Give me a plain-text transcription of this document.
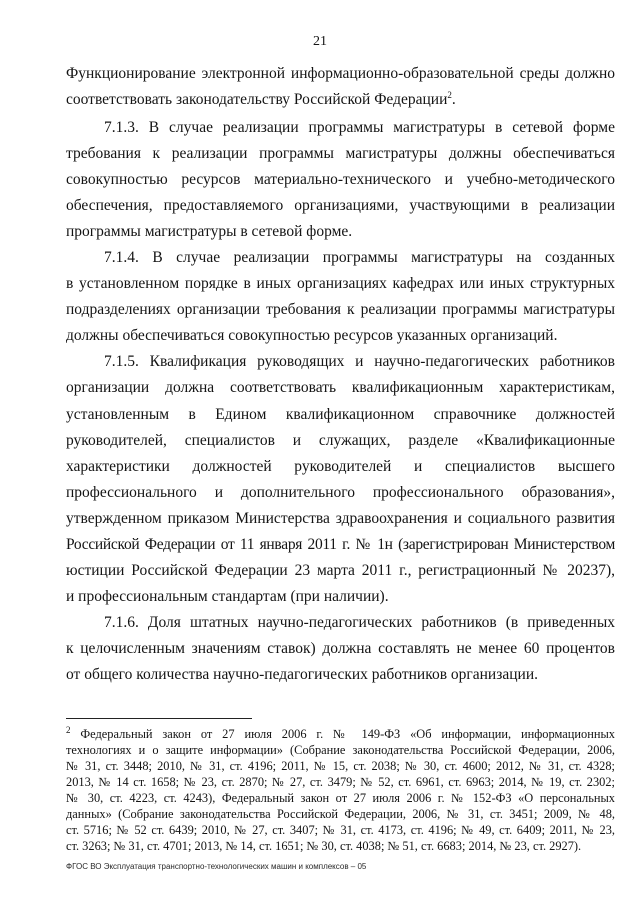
21
Функционирование электронной информационно-образовательной среды должно
соответствовать законодательству Российской Федерации$^2$.
7.1.3. В случае реализации программы магистратуры в сетевой форме
требования к реализации программы магистратуры должны обеспечиваться
совокупностью ресурсов материально-технического и учебно-методического
обеспечения, предоставляемого организациями, участвующими в реализации
программы магистратуры в сетевой форме.
7.1.4. В случае реализации программы магистратуры на созданных
в установленном порядке в иных организациях кафедрах или иных структурных
подразделениях организации требования к реализации программы магистратуры
должны обеспечиваться совокупностью ресурсов указанных организаций.
7.1.5. Квалификация руководящих и научно-педагогических работников
организации должна соответствовать квалификационным характеристикам,
установленным в Едином квалификационном справочнике должностей
руководителей, специалистов и служащих, разделе «Квалификационные
характеристики должностей руководителей и специалистов высшего
профессионального и дополнительного профессионального образования»,
утвержденном приказом Министерства здравоохранения и социального развития
Российской Федерации от 11 января 2011 г. № 1н (зарегистрирован Министерством
юстиции Российской Федерации 23 марта 2011 г., регистрационный № 20237),
и профессиональным стандартам (при наличии).
7.1.6. Доля штатных научно-педагогических работников (в приведенных
к целочисленным значениям ставок) должна составлять не менее 60 процентов
от общего количества научно-педагогических работников организации.
$^2$ Федеральный закон от 27 июля 2006 г. № 149-ФЗ «Об информации, информационных
технологиях и о защите информации» (Собрание законодательства Российской Федерации, 2006,
№ 31, ст. 3448; 2010, № 31, ст. 4196; 2011, № 15, ст. 2038; № 30, ст. 4600; 2012, № 31, ст. 4328;
2013, № 14 ст. 1658; № 23, ст. 2870; № 27, ст. 3479; № 52, ст. 6961, ст. 6963; 2014, № 19, ст. 2302;
№ 30, ст. 4223, ст. 4243), Федеральный закон от 27 июля 2006 г. № 152-ФЗ «О персональных
данных» (Собрание законодательства Российской Федерации, 2006, № 31, ст. 3451; 2009, № 48,
ст. 5716; № 52 ст. 6439; 2010, № 27, ст. 3407; № 31, ст. 4173, ст. 4196; № 49, ст. 6409; 2011, № 23,
ст. 3263; № 31, ст. 4701; 2013, № 14, ст. 1651; № 30, ст. 4038; № 51, ст. 6683; 2014, № 23, ст. 2927).
ФГОС ВО Эксплуатация транспортно-технологических машин и комплексов – 05
